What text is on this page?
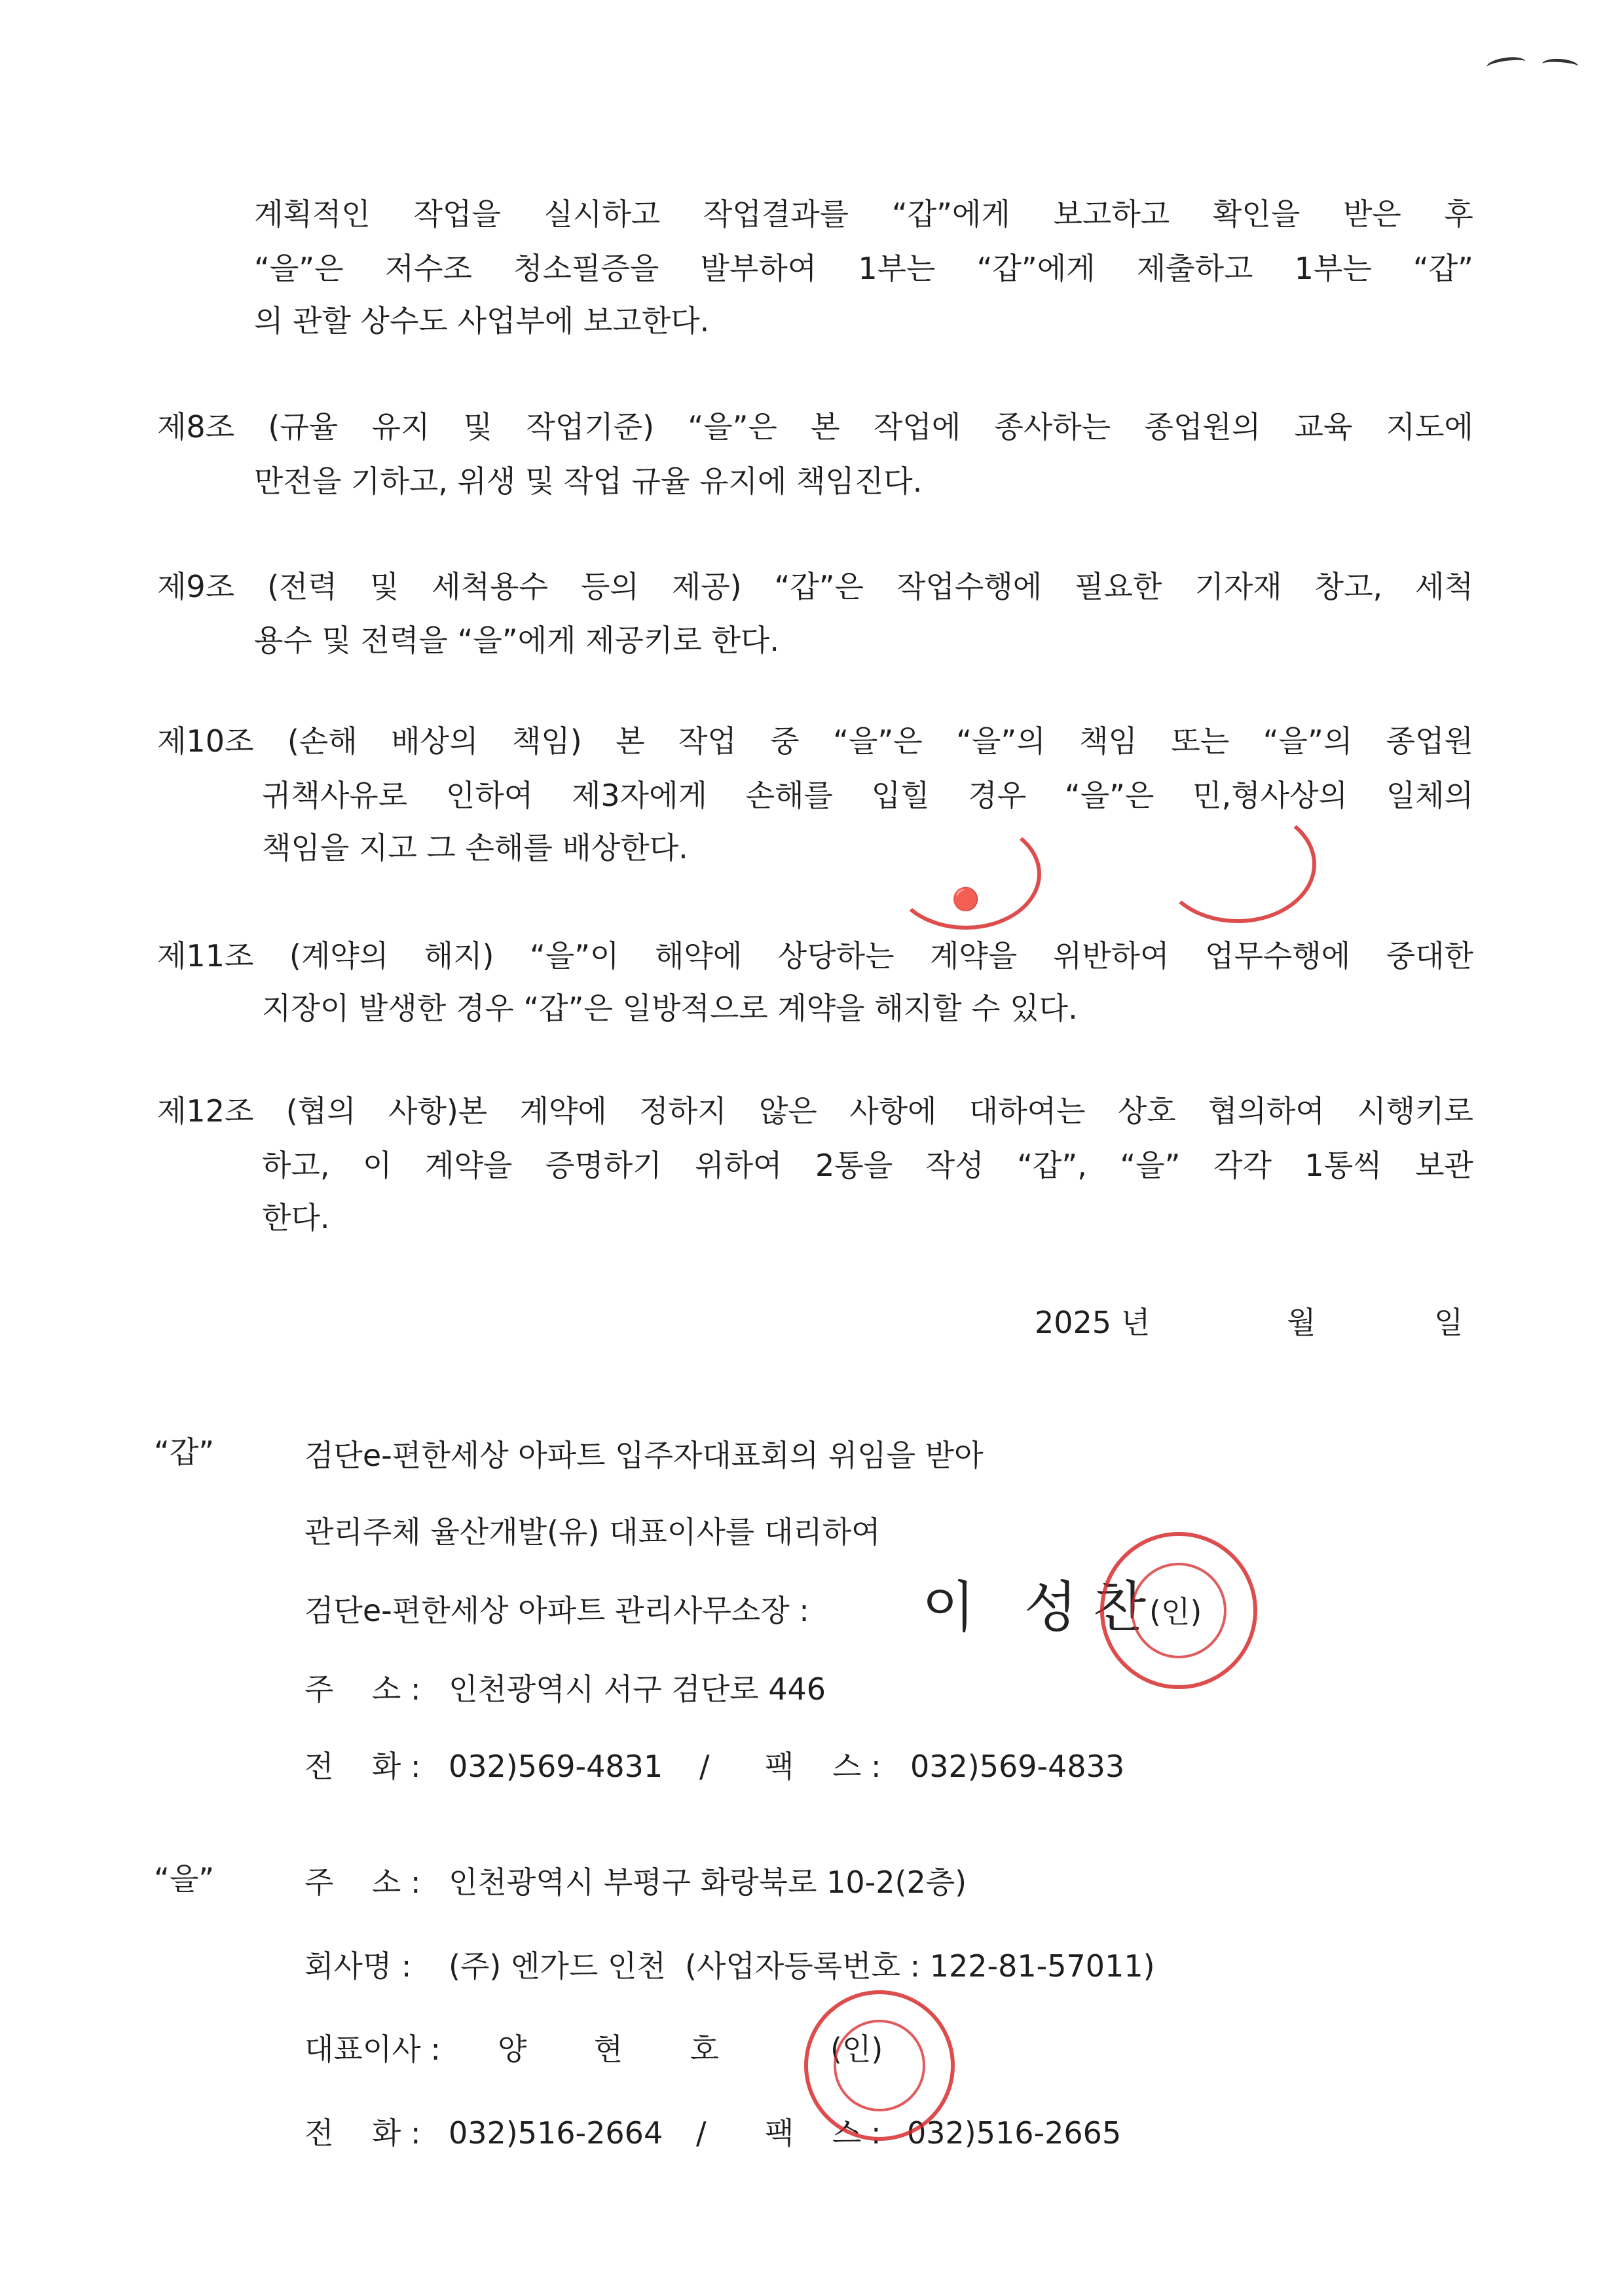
계획적인 작업을 실시하고 작업결과를 “갑”에게 보고하고 확인을 받은 후
“을”은 저수조 청소필증을 발부하여 1부는 “갑”에게 제출하고 1부는 “갑”
의 관할 상수도 사업부에 보고한다.
제8조 (규율 유지 및 작업기준) “을”은 본 작업에 종사하는 종업원의 교육 지도에
만전을 기하고, 위생 및 작업 규율 유지에 책임진다.
제9조 (전력 및 세척용수 등의 제공) “갑”은 작업수행에 필요한 기자재 창고, 세척
용수 및 전력을 “을”에게 제공키로 한다.
제10조 (손해 배상의 책임) 본 작업 중 “을”은 “을”의 책임 또는 “을”의 종업원
귀책사유로 인하여 제3자에게 손해를 입힐 경우 “을”은 민,형사상의 일체의
책임을 지고 그 손해를 배상한다.
제11조 (계약의 해지) “을”이 해약에 상당하는 계약을 위반하여 업무수행에 중대한
지장이 발생한 경우 “갑”은 일방적으로 계약을 해지할 수 있다.
제12조 (협의 사항)본 계약에 정하지 않은 사항에 대하여는 상호 협의하여 시행키로
하고, 이 계약을 증명하기 위하여 2통을 작성 “갑”, “을” 각각 1통씩 보관
한다.
2025 년	월	일
“갑”	검단e-편한세상 아파트 입주자대표회의 위임을 받아
관리주체 율산개발(유) 대표이사를 대리하여
검단e-편한세상 아파트 관리사무소장 : 이 성찬
(인)
주    소 : 인천광역시 서구 검단로 446
전    화 : 032)569-4831 / 팩    스 : 032)569-4833
“을”	주    소 : 인천광역시 부평구 화랑북로 10-2(2층)
회사명 : (주) 엔가드 인천  (사업자등록번호 : 122-81-57011)
대표이사 : 양       현       호	(인)
전    화 : 032)516-2664 / 팩    스 : 032)516-2665
🔴
